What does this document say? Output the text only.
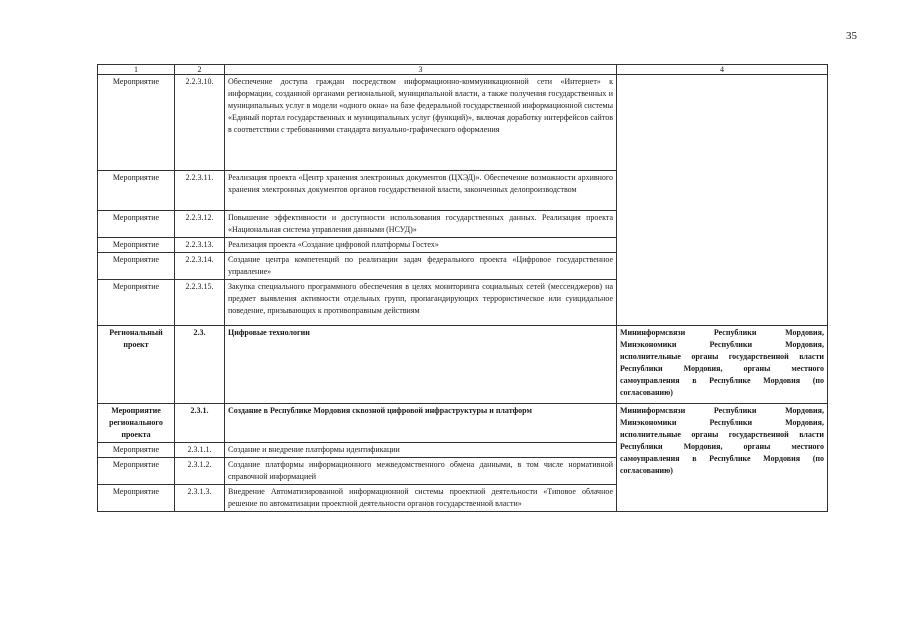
35
1	2	3	4
Мероприятие	2.2.3.10.	Обеспечение доступа граждан посредством информационно-коммуникационной сети «Интернет» к информации, созданной органами региональной, муниципальной власти, а также получения государственных и муниципальных услуг в модели «одного окна» на базе федеральной государственной информационной системы «Единый портал государственных и муниципальных услуг (функций)», включая доработку интерфейсов сайтов в соответствии с требованиями стандарта визуально-графического оформления	
Мероприятие	2.2.3.11.	Реализация проекта «Центр хранения электронных документов (ЦХЭД)». Обеспечение возможности архивного хранения электронных документов органов государственной власти, законченных делопроизводством	
Мероприятие	2.2.3.12.	Повышение эффективности и доступности использования государственных данных. Реализация проекта «Национальная система управления данными (НСУД)»	
Мероприятие	2.2.3.13.	Реализация проекта «Создание цифровой платформы Гостех»	
Мероприятие	2.2.3.14.	Создание центра компетенций по реализации задач федерального проекта «Цифровое государственное управление»	
Мероприятие	2.2.3.15.	Закупка специального программного обеспечения в целях мониторинга социальных сетей (мессенджеров) на предмет выявления активности отдельных групп, пропагандирующих террористическое или суицидальное поведение, призывающих к противоправным действиям	
Региональный проект	2.3.	Цифровые технологии	Мининформсвязи Республики Мордовия, Минэкономики Республики Мордовия, исполнительные органы государственной власти Республики Мордовия, органы местного самоуправления в Республике Мордовия (по согласованию)
Мероприятие регионального проекта	2.3.1.	Создание в Республике Мордовия сквозной цифровой инфраструктуры и платформ	Мининформсвязи Республики Мордовия, Минэкономики Республики Мордовия, исполнительные органы государственной власти Республики Мордовия, органы местного самоуправления в Республике Мордовия (по согласованию)
Мероприятие	2.3.1.1.	Создание и внедрение платформы идентификации	
Мероприятие	2.3.1.2.	Создание платформы информационного межведомственного обмена данными, в том числе нормативной справочной информацией	
Мероприятие	2.3.1.3.	Внедрение Автоматизированной информационной системы проектной деятельности «Типовое облачное решение по автоматизации проектной деятельности органов государственной власти»	
